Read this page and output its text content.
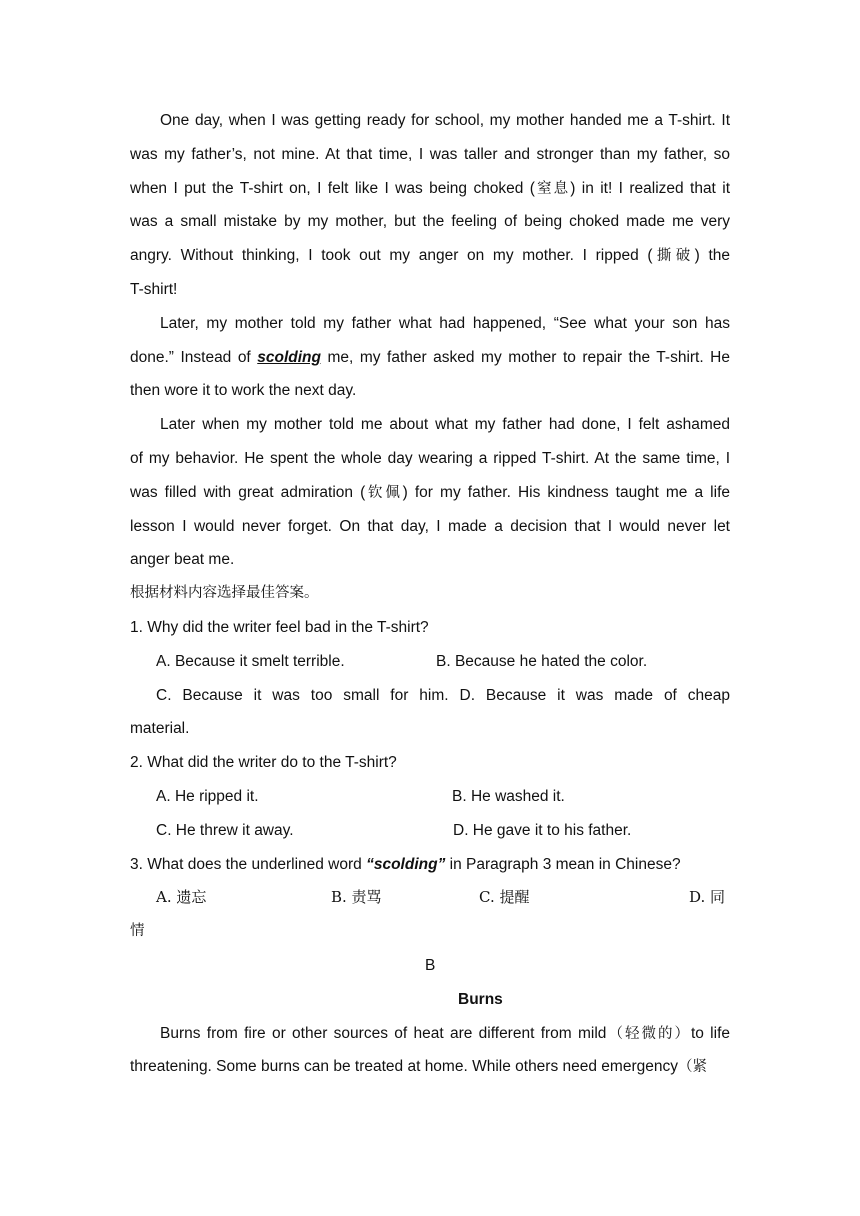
One day, when I was getting ready for school, my mother handed me a T-shirt. It
was my father’s, not mine. At that time, I was taller and stronger than my father, so
when I put the T-shirt on, I felt like I was being choked (窒息) in it! I realized that it
was a small mistake by my mother, but the feeling of being choked made me very
angry. Without thinking, I took out my anger on my mother. I ripped (撕破) the
T-shirt!
Later, my mother told my father what had happened, “See what your son has
done.” Instead of scolding me, my father asked my mother to repair the T-shirt. He
then wore it to work the next day.
Later when my mother told me about what my father had done, I felt ashamed
of my behavior. He spent the whole day wearing a ripped T-shirt. At the same time, I
was filled with great admiration (钦佩) for my father. His kindness taught me a life
lesson I would never forget. On that day, I made a decision that I would never let
anger beat me.
根据材料内容选择最佳答案。
1. Why did the writer feel bad in the T-shirt?
A. Because it smelt terrible.	B. Because he hated the color.
C. Because it was too small for him. D. Because it was made of cheap
material.
2. What did the writer do to the T-shirt?
A. He ripped it.	B. He washed it.
C. He threw it away.	D. He gave it to his father.
3. What does the underlined word “scolding” in Paragraph 3 mean in Chinese?
A. 遗忘	B. 责骂	C. 提醒	D. 同
情
B
Burns
Burns from fire or other sources of heat are different from mild（轻微的）to life
threatening. Some burns can be treated at home. While others need emergency（紧
